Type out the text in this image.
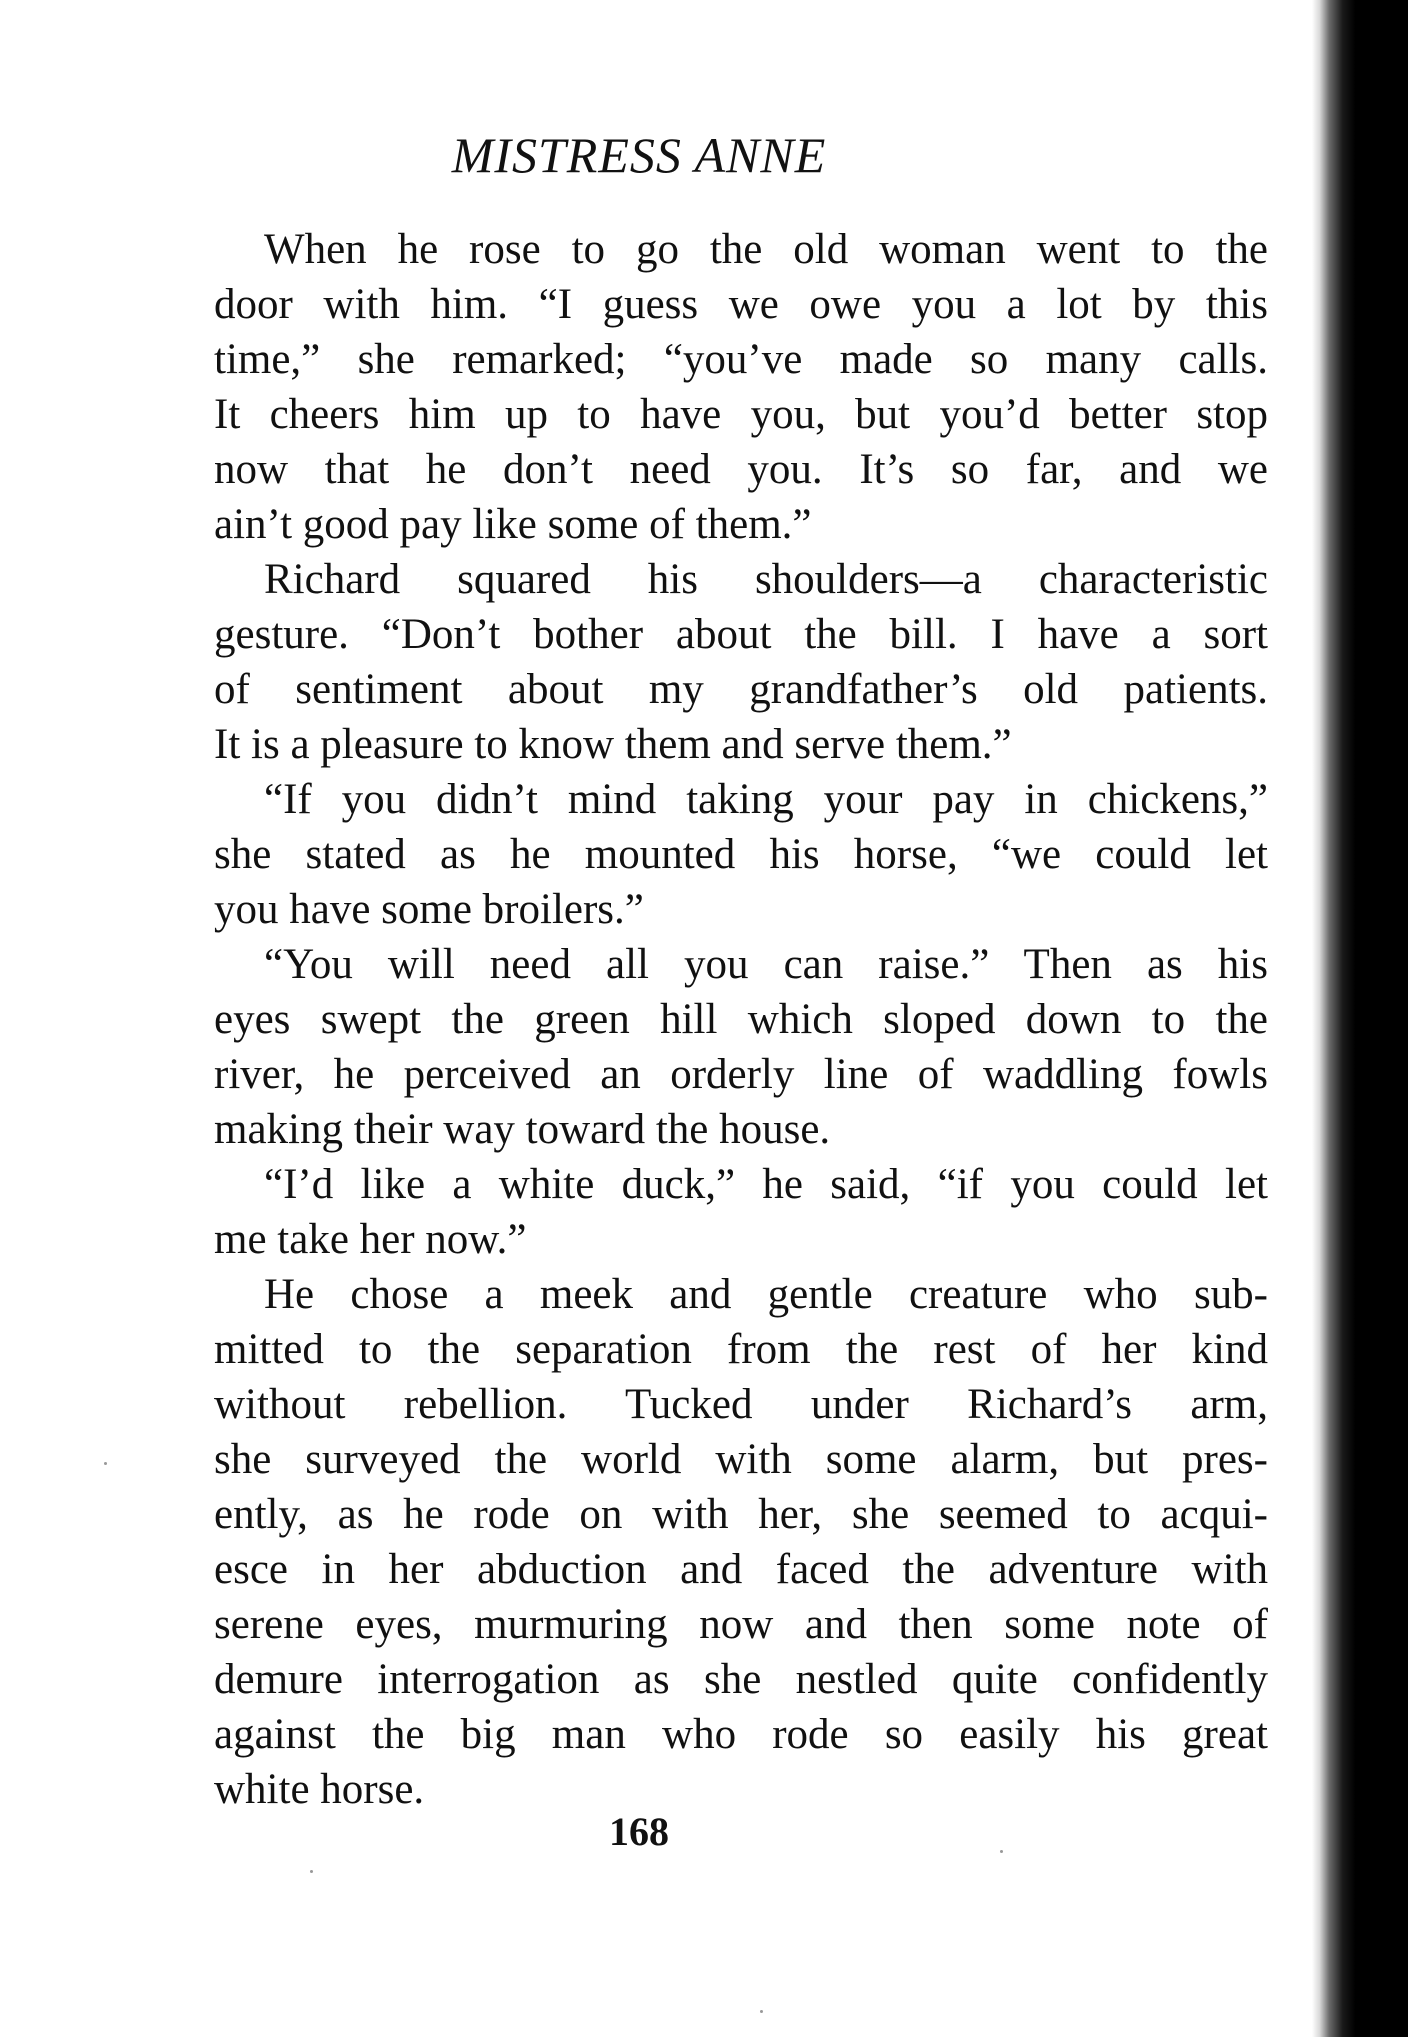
MISTRESS ANNE
When he rose to go the old woman went to the
door with him. “I guess we owe you a lot by this
time,” she remarked; “you’ve made so many calls.
It cheers him up to have you, but you’d better stop
now that he don’t need you. It’s so far, and we
ain’t good pay like some of them.”
Richard squared his shoulders—a characteristic
gesture. “Don’t bother about the bill. I have a sort
of sentiment about my grandfather’s old patients.
It is a pleasure to know them and serve them.”
“If you didn’t mind taking your pay in chickens,”
she stated as he mounted his horse, “we could let
you have some broilers.”
“You will need all you can raise.” Then as his
eyes swept the green hill which sloped down to the
river, he perceived an orderly line of waddling fowls
making their way toward the house.
“I’d like a white duck,” he said, “if you could let
me take her now.”
He chose a meek and gentle creature who sub-
mitted to the separation from the rest of her kind
without rebellion. Tucked under Richard’s arm,
she surveyed the world with some alarm, but pres-
ently, as he rode on with her, she seemed to acqui-
esce in her abduction and faced the adventure with
serene eyes, murmuring now and then some note of
demure interrogation as she nestled quite confidently
against the big man who rode so easily his great
white horse.
168
